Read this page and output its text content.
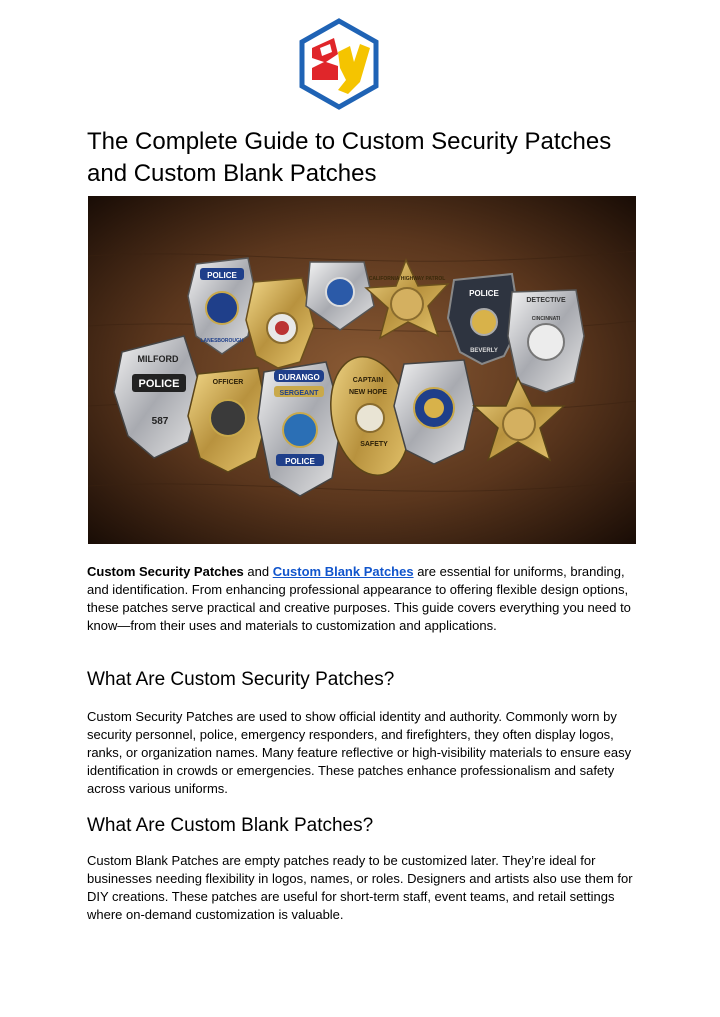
The Complete Guide to Custom Security Patches and Custom Blank Patches
POLICE
LANESBOROUGH
CALIFORNIA HIGHWAY PATROL
POLICE
BEVERLY
DETECTIVE
CINCINNATI
MILFORD
POLICE
587
OFFICER
DURANGO
SERGEANT
POLICE
CAPTAIN
NEW HOPE
SAFETY

Custom Security Patches and Custom Blank Patches are essential for uniforms, branding, and identification. From enhancing professional appearance to offering flexible design options, these patches serve practical and creative purposes. This guide covers everything you need to know—from their uses and materials to customization and applications.

What Are Custom Security Patches?

Custom Security Patches are used to show official identity and authority. Commonly worn by security personnel, police, emergency responders, and firefighters, they often display logos, ranks, or organization names. Many feature reflective or high-visibility materials to ensure easy identification in crowds or emergencies. These patches enhance professionalism and safety across various uniforms.

What Are Custom Blank Patches?

Custom Blank Patches are empty patches ready to be customized later. They’re ideal for businesses needing flexibility in logos, names, or roles. Designers and artists also use them for DIY creations. These patches are useful for short-term staff, event teams, and retail settings where on-demand customization is valuable.
